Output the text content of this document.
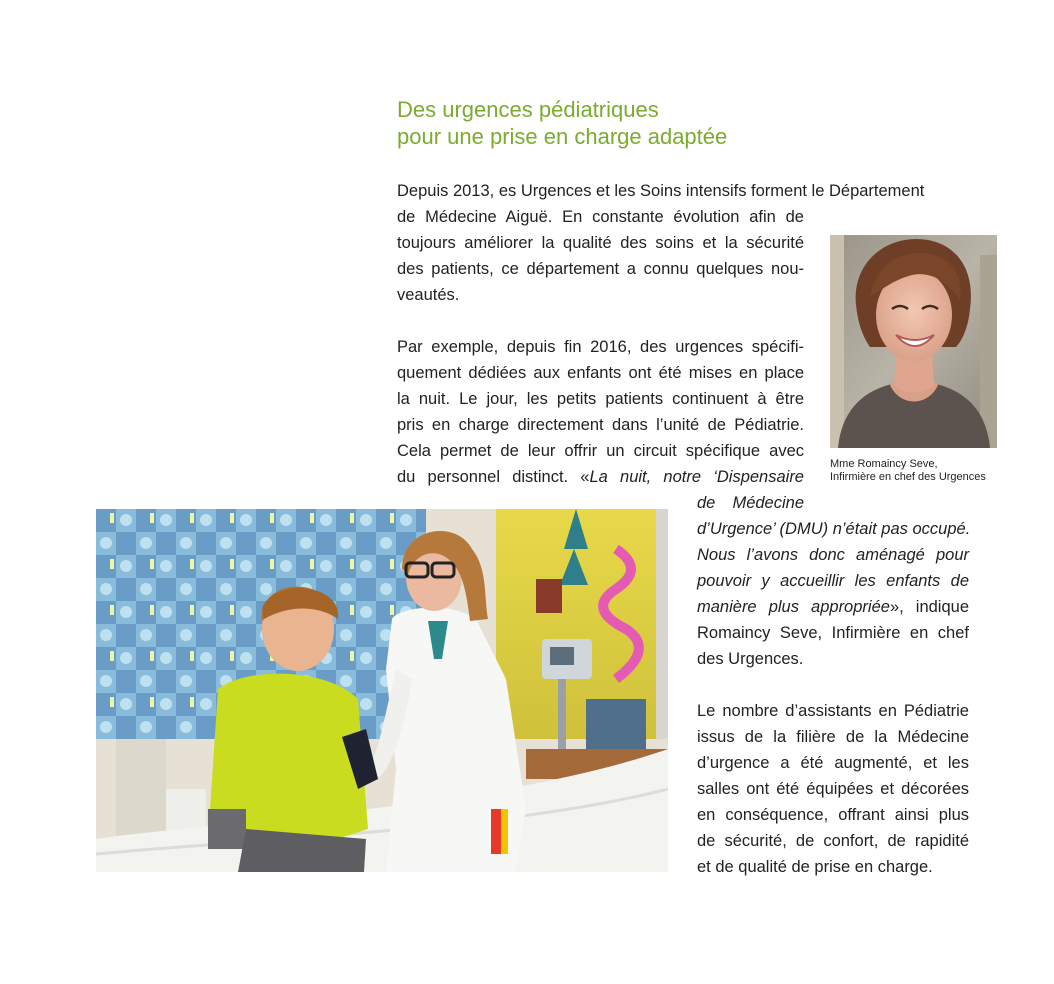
Des urgences pédiatriques
pour une prise en charge adaptée
Depuis 2013, es Urgences et les Soins intensifs forment le Département
de Médecine Aiguë. En constante évolution afin de
toujours améliorer la qualité des soins et la sécurité
des patients, ce département a connu quelques nou-
veautés.
Par exemple, depuis fin 2016, des urgences spécifi-
quement dédiées aux enfants ont été mises en place
la nuit. Le jour, les petits patients continuent à être
pris en charge directement dans l’unité de Pédiatrie.
Cela permet de leur offrir un circuit spécifique avec
du personnel distinct. «La nuit, notre ‘Dispensaire
de Médecine
d’Urgence’ (DMU) n’était pas occupé.
Nous l’avons donc aménagé pour
pouvoir y accueillir les enfants de
manière plus appropriée», indique
Romaincy Seve, Infirmière en chef
des Urgences.
Le nombre d’assistants en Pédiatrie
issus de la filière de la Médecine
d’urgence a été augmenté, et les
salles ont été équipées et décorées
en conséquence, offrant ainsi plus
de sécurité, de confort, de rapidité
et de qualité de prise en charge.
Mme Romaincy Seve,
Infirmière en chef des Urgences
